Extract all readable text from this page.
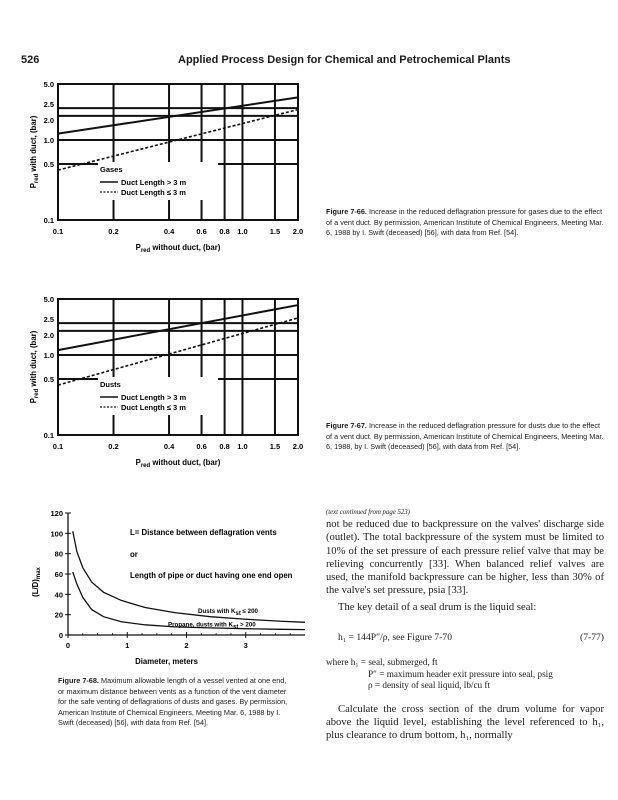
526	Applied Process Design for Chemical and Petrochemical Plants
0.1	0.2	0.4	0.6 0.8 1.0	1.5 2.0
0.1
0.5
1.0
2.0
2.5
5.0
Gases
Duct Length > 3 m
Duct Length ≤ 3 m
$P_{red}$ without duct, (bar)
$P_{red}$ with duct, (bar)
Figure 7-66. Increase in the reduced deflagration pressure for gases due to the effect of a vent duct. By permission, American Institute of Chemical Engineers, Meeting Mar. 6, 1988 by I. Swift (deceased) [56], with data from Ref. [54].
0.1	0.2	0.4	0.6 0.8 1.0	1.5 2.0
0.1
0.5
1.0
2.0
2.5
5.0
Dusts
Duct Length > 3 m
Duct Length ≤ 3 m
$P_{red}$ without duct, (bar)
$P_{red}$ with duct, (bar)
Figure 7-67. Increase in the reduced deflagration pressure for dusts due to the effect of a vent duct. By permission, American Institute of Chemical Engineers, Meeting Mar. 6, 1988, by I. Swift (deceased) [56], with data from Ref. [54].
0
20
40
60
80
100
120
0	1	2	3
L= Distance between deflagration vents
or
Length of pipe or duct having one end open
Dusts with Kst ≤ 200
Propane, dusts with Kst > 200
Diameter, meters
$(L/D)_{max}$
Figure 7-68. Maximum allowable length of a vessel vented at one end, or maximum distance between vents as a function of the vent diameter for the safe venting of deflagrations of dusts and gases. By permission, American Institute of Chemical Engineers, Meeting Mar. 6, 1988 by I. Swift (deceased) [56], with data from Ref. [54].
(text continued from page 523)

not be reduced due to backpressure on the valves' discharge side (outlet). The total backpressure of the system must be limited to 10% of the set pressure of each pressure relief valve that may be relieving concurrently [33]. When balanced relief valves are used, the manifold backpressure can be higher, less than 30% of the valve's set pressure, psia [33].

The key detail of a seal drum is the liquid seal:

h₁ = 144P″/ρ, see Figure 7-70	(7-77)
where h₁ = seal, submerged, ft
P″ = maximum header exit pressure into seal, psig
ρ = density of seal liquid, lb/cu ft

Calculate the cross section of the drum volume for vapor above the liquid level, establishing the level referenced to h₁, plus clearance to drum bottom, h₁, normally
